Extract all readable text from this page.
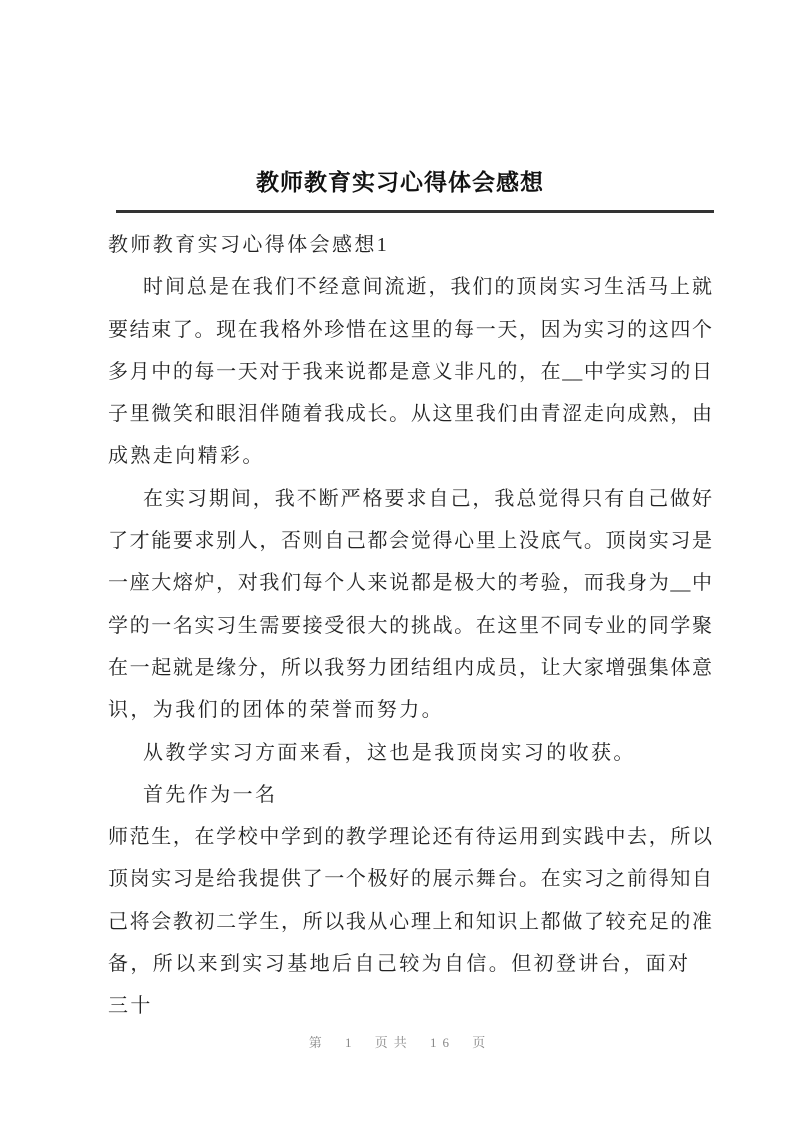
教师教育实习心得体会感想
教师教育实习心得体会感想1
时间总是在我们不经意间流逝，我们的顶岗实习生活马上就
要结束了。现在我格外珍惜在这里的每一天，因为实习的这四个
多月中的每一天对于我来说都是意义非凡的，在__中学实习的日
子里微笑和眼泪伴随着我成长。从这里我们由青涩走向成熟，由
成熟走向精彩。
在实习期间，我不断严格要求自己，我总觉得只有自己做好
了才能要求别人，否则自己都会觉得心里上没底气。顶岗实习是
一座大熔炉，对我们每个人来说都是极大的考验，而我身为__中
学的一名实习生需要接受很大的挑战。在这里不同专业的同学聚
在一起就是缘分，所以我努力团结组内成员，让大家增强集体意
识，为我们的团体的荣誉而努力。
从教学实习方面来看，这也是我顶岗实习的收获。
首先作为一名
师范生，在学校中学到的教学理论还有待运用到实践中去，所以
顶岗实习是给我提供了一个极好的展示舞台。在实习之前得知自
己将会教初二学生，所以我从心理上和知识上都做了较充足的准
备，所以来到实习基地后自己较为自信。但初登讲台，面对三十
第 1 页共 16 页
